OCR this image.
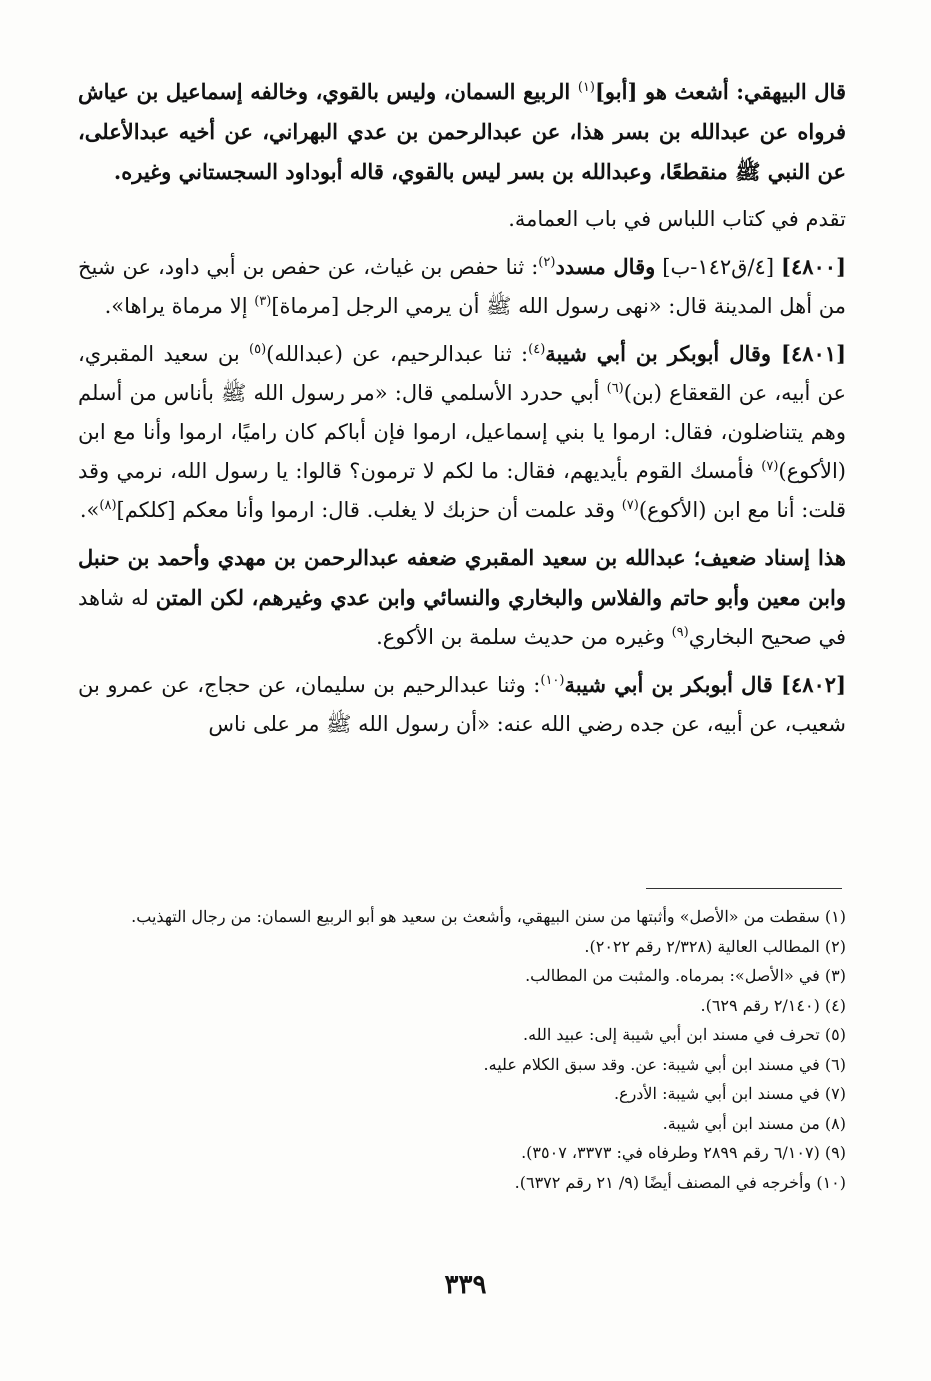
قال البيهقي: أشعث هو [أبو]$^{(١)}$ الربيع السمان، وليس بالقوي، وخالفه إسماعيل بن عياش فرواه عن عبدالله بن بسر هذا، عن عبدالرحمن بن عدي البهراني، عن أخيه عبدالأعلى، عن النبي ﷺ منقطعًا، وعبدالله بن بسر ليس بالقوي، قاله أبوداود السجستاني وغيره.

تقدم في كتاب اللباس في باب العمامة.

[٤٨٠٠] [٤/ق١٤٢-ب] وقال مسدد$^{(٢)}$: ثنا حفص بن غياث، عن حفص بن أبي داود، عن شيخ من أهل المدينة قال: «نهى رسول الله ﷺ أن يرمي الرجل [مرماة]$^{(٣)}$ إلا مرماة يراها».

[٤٨٠١] وقال أبوبكر بن أبي شيبة$^{(٤)}$: ثنا عبدالرحيم، عن (عبدالله)$^{(٥)}$ بن سعيد المقبري، عن أبيه، عن القعقاع (بن)$^{(٦)}$ أبي حدرد الأسلمي قال: «مر رسول الله ﷺ بأناس من أسلم وهم يتناضلون، فقال: ارموا يا بني إسماعيل، ارموا فإن أباكم كان راميًا، ارموا وأنا مع ابن (الأكوع)$^{(٧)}$ فأمسك القوم بأيديهم، فقال: ما لكم لا ترمون؟ قالوا: يا رسول الله، نرمي وقد قلت: أنا مع ابن (الأكوع)$^{(٧)}$ وقد علمت أن حزبك لا يغلب. قال: ارموا وأنا معكم [كلكم]$^{(٨)}$».

هذا إسناد ضعيف؛ عبدالله بن سعيد المقبري ضعفه عبدالرحمن بن مهدي وأحمد بن حنبل وابن معين وأبو حاتم والفلاس والبخاري والنسائي وابن عدي وغيرهم، لكن المتن له شاهد في صحيح البخاري$^{(٩)}$ وغيره من حديث سلمة بن الأكوع.

[٤٨٠٢] قال أبوبكر بن أبي شيبة$^{(١٠)}$: وثنا عبدالرحيم بن سليمان، عن حجاج، عن عمرو بن شعيب، عن أبيه، عن جده رضي الله عنه: «أن رسول الله ﷺ مر على ناس

(١) سقطت من «الأصل» وأثبتها من سنن البيهقي، وأشعث بن سعيد هو أبو الربيع السمان: من رجال التهذيب.

(٢) المطالب العالية (٢/٣٢٨ رقم ٢٠٢٢).

(٣) في «الأصل»: بمرماه. والمثبت من المطالب.

(٤) (٢/١٤٠ رقم ٦٢٩).

(٥) تحرف في مسند ابن أبي شيبة إلى: عبيد الله.

(٦) في مسند ابن أبي شيبة: عن. وقد سبق الكلام عليه.

(٧) في مسند ابن أبي شيبة: الأدرع.

(٨) من مسند ابن أبي شيبة.

(٩) (٦/١٠٧ رقم ٢٨٩٩ وطرفاه في: ٣٣٧٣، ٣٥٠٧).

(١٠) وأخرجه في المصنف أيضًا (٩/ ٢١ رقم ٦٣٧٢).

٣٣٩
